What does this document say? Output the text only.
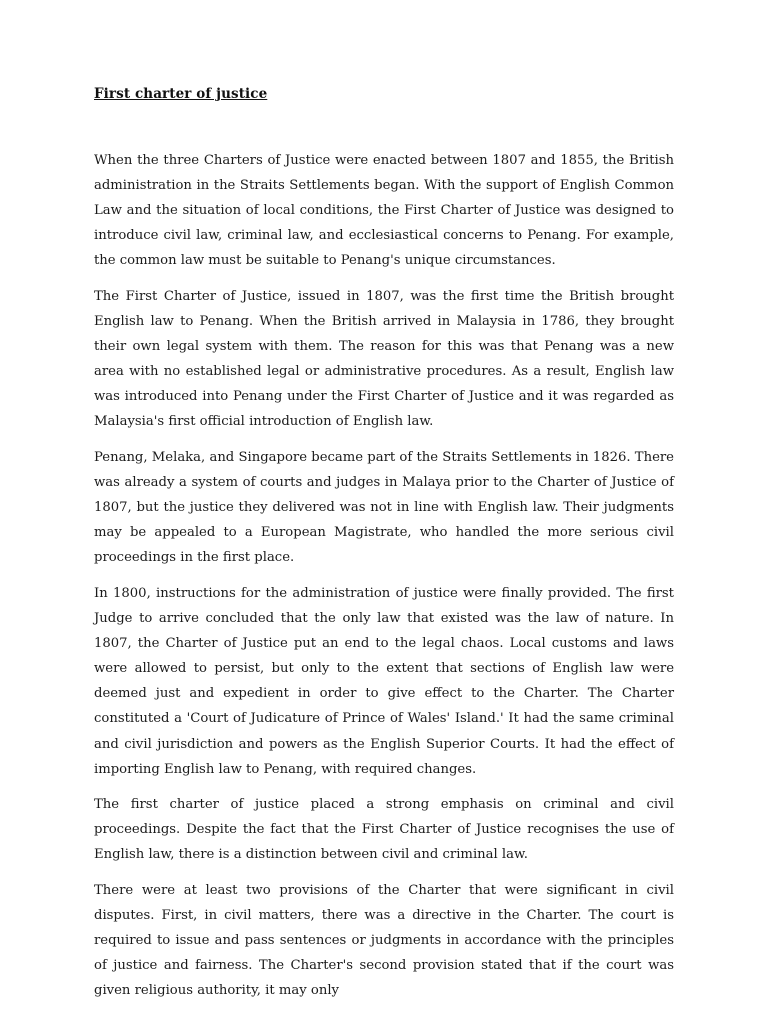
First charter of justice

When the three Charters of Justice were enacted between 1807 and 1855, the British administration in the Straits Settlements began. With the support of English Common Law and the situation of local conditions, the First Charter of Justice was designed to introduce civil law, criminal law, and ecclesiastical concerns to Penang. For example, the common law must be suitable to Penang's unique circumstances.

The First Charter of Justice, issued in 1807, was the first time the British brought English law to Penang. When the British arrived in Malaysia in 1786, they brought their own legal system with them. The reason for this was that Penang was a new area with no established legal or administrative procedures. As a result, English law was introduced into Penang under the First Charter of Justice and it was regarded as Malaysia's first official introduction of English law.

Penang, Melaka, and Singapore became part of the Straits Settlements in 1826. There was already a system of courts and judges in Malaya prior to the Charter of Justice of 1807, but the justice they delivered was not in line with English law. Their judgments may be appealed to a European Magistrate, who handled the more serious civil proceedings in the first place.

In 1800, instructions for the administration of justice were finally provided. The first Judge to arrive concluded that the only law that existed was the law of nature. In 1807, the Charter of Justice put an end to the legal chaos. Local customs and laws were allowed to persist, but only to the extent that sections of English law were deemed just and expedient in order to give effect to the Charter. The Charter constituted a 'Court of Judicature of Prince of Wales' Island.' It had the same criminal and civil jurisdiction and powers as the English Superior Courts. It had the effect of importing English law to Penang, with required changes.

The first charter of justice placed a strong emphasis on criminal and civil proceedings. Despite the fact that the First Charter of Justice recognises the use of English law, there is a distinction between civil and criminal law.

There were at least two provisions of the Charter that were significant in civil disputes. First, in civil matters, there was a directive in the Charter. The court is required to issue and pass sentences or judgments in accordance with the principles of justice and fairness. The Charter's second provision stated that if the court was given religious authority, it may only
